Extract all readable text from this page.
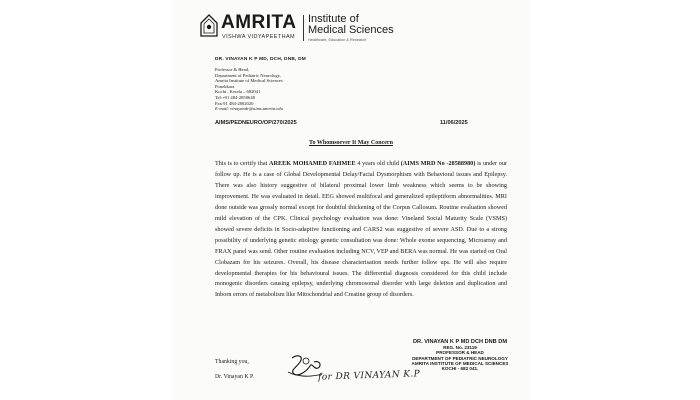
AMRITA
VISHWA VIDYAPEETHAM
Institute of
Medical Sciences
Healthcare, Education & Research
DR. VINAYAN K P MD, DCH, DNB, DM
Professor & Head,
Department of Pediatric Neurology,
Amrita Institute of Medical Sciences
Ponekkara
Kochi , Kerala – 682041
Tel:+91 484-2850648
Fax:91 484-2802020
E-mail: vinayandr@aims.amrita.edu
AIMS/PEDNEURO/OP/270/2025	11/06/2025
To Whomsoever It May Concern

This is to certify that AREEK MOHAMED FAHMEE 4 years old child (AIMS MRD No -28588980) is under our follow up. He is a case of Global Developmental Delay/Facial Dysmorphism with Behavioral issues and Epilepsy. There was also history suggestive of bilateral proximal lower limb weakness which seems to be showing improvement. He was evaluated in detail. EEG showed multifocal and generalized epileptiform abnormalities. MRI done outside was grossly normal except for doubtful thickening of the Corpus Callosum. Routine evaluation showed mild elevation of the CPK. Clinical psychology evaluation was done: Vineland Social Maturity Scale (VSMS) showed severe deficits in Socio-adaptive functioning and CARS2 was suggestive of severe ASD. Due to a strong possibility of underlying genetic etiology genetic consultation was done: Whole exome sequencing, Microarray and FRAX panel was send. Other routine evaluation including NCV, VEP and BERA was normal. He was started on Oral Clobazam for his seizures. Overall, his disease characterisation needs further follow ups. He will also require developmental therapies for his behavioural issues. The differential diagnosis considered for this child include monogenic disorders causing epilepsy, underlying chromosomal disorder with large deletion and duplication and Inborn errors of metabolism like Mitochondrial and Creatine group of disorders.

Thanking you,
Dr. Vinayan K P.	for DR VINAYAN K.P
DR. VINAYAN K P MD DCH DNB DM
REG. No. 23119
PROFESSOR & HEAD
DEPARTMENT OF PEDIATRIC NEUROLOGY
AMRITA INSTITUTE OF MEDICAL SCIENCES
KOCHI - 682 041.
